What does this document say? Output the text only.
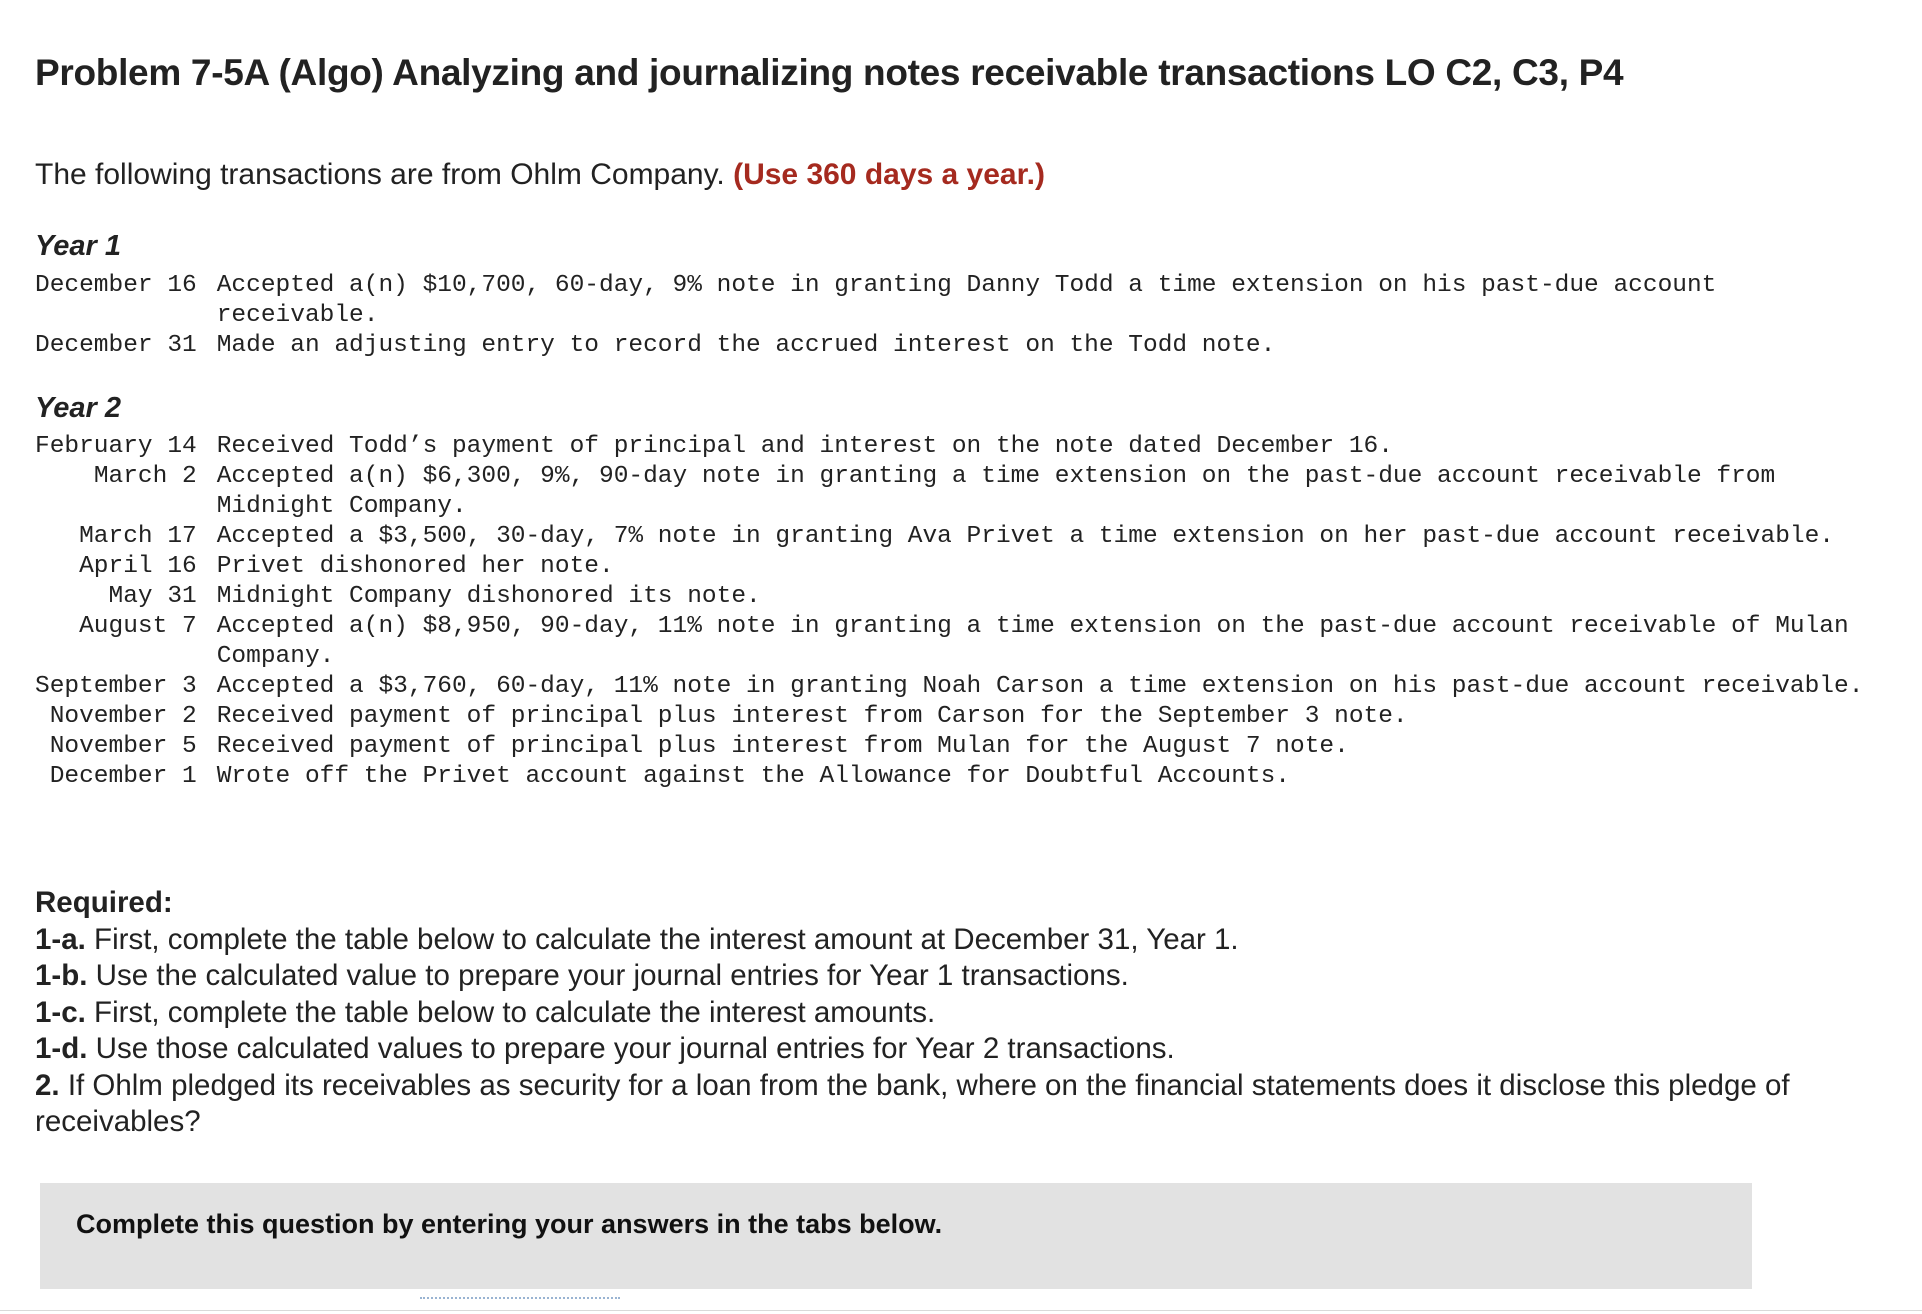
Problem 7-5A (Algo) Analyzing and journalizing notes receivable transactions LO C2, C3, P4
The following transactions are from Ohlm Company. (Use 360 days a year.)
Year 1
December 16	Accepted a(n) $10,700, 60-day, 9% note in granting Danny Todd a time extension on his past-due account receivable.
December 31	Made an adjusting entry to record the accrued interest on the Todd note.
Year 2
February 14	Received Todd’s payment of principal and interest on the note dated December 16.
March 2	Accepted a(n) $6,300, 9%, 90-day note in granting a time extension on the past-due account receivable from Midnight Company.
March 17	Accepted a $3,500, 30-day, 7% note in granting Ava Privet a time extension on her past-due account receivable.
April 16	Privet dishonored her note.
May 31	Midnight Company dishonored its note.
August 7	Accepted a(n) $8,950, 90-day, 11% note in granting a time extension on the past-due account receivable of Mulan Company.
September 3	Accepted a $3,760, 60-day, 11% note in granting Noah Carson a time extension on his past-due account receivable.
November 2	Received payment of principal plus interest from Carson for the September 3 note.
November 5	Received payment of principal plus interest from Mulan for the August 7 note.
December 1	Wrote off the Privet account against the Allowance for Doubtful Accounts.
Required:
1-a. First, complete the table below to calculate the interest amount at December 31, Year 1.
1-b. Use the calculated value to prepare your journal entries for Year 1 transactions.
1-c. First, complete the table below to calculate the interest amounts.
1-d. Use those calculated values to prepare your journal entries for Year 2 transactions.
2. If Ohlm pledged its receivables as security for a loan from the bank, where on the financial statements does it disclose this pledge of receivables?
Complete this question by entering your answers in the tabs below.
